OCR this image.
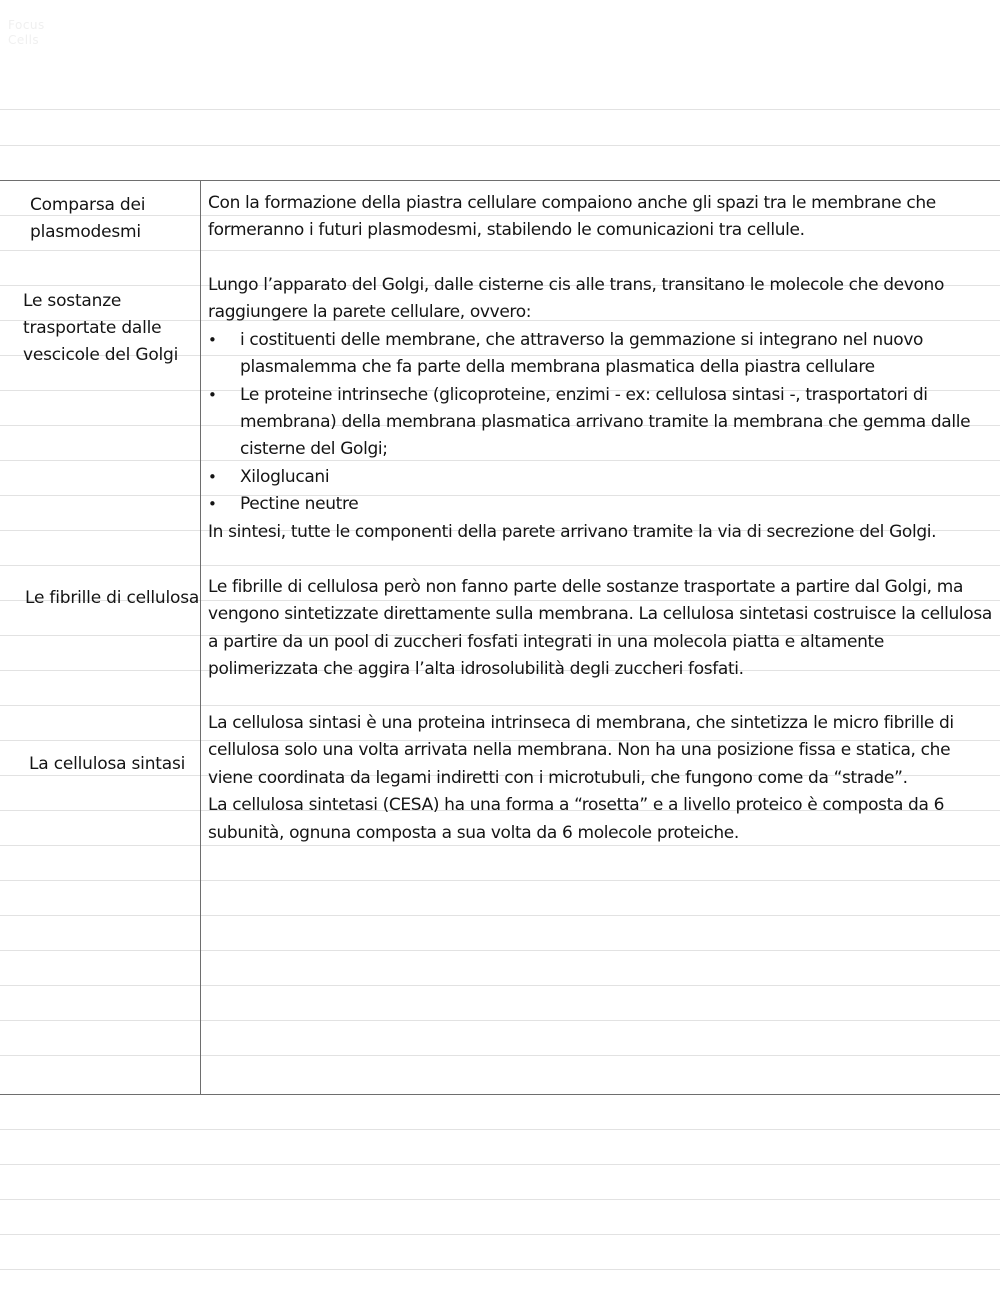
Focus
Cells
Comparsa dei
plasmodesmi

Con la formazione della piastra cellulare compaiono anche gli spazi tra le membrane che formeranno i futuri plasmodesmi, stabilendo le comunicazioni tra cellule.

Le sostanze
trasportate dalle
vescicole del Golgi

Lungo l’apparato del Golgi, dalle cisterne cis alle trans, transitano le molecole che devono raggiungere la parete cellulare, ovvero:

• i costituenti delle membrane, che attraverso la gemmazione si integrano nel nuovo plasmalemma che fa parte della membrana plasmatica della piastra cellulare
• Le proteine intrinseche (glicoproteine, enzimi - ex: cellulosa sintasi -, trasportatori di membrana) della membrana plasmatica arrivano tramite la membrana che gemma dalle cisterne del Golgi;
• Xiloglucani
• Pectine neutre

In sintesi, tutte le componenti della parete arrivano tramite la via di secrezione del Golgi.

Le fibrille di cellulosa

Le fibrille di cellulosa però non fanno parte delle sostanze trasportate a partire dal Golgi, ma vengono sintetizzate direttamente sulla membrana. La cellulosa sintetasi costruisce la cellulosa a partire da un pool di zuccheri fosfati integrati in una molecola piatta e altamente polimerizzata che aggira l’alta idrosolubilità degli zuccheri fosfati.

La cellulosa sintasi

La cellulosa sintasi è una proteina intrinseca di membrana, che sintetizza le micro fibrille di cellulosa solo una volta arrivata nella membrana. Non ha una posizione fissa e statica, che viene coordinata da legami indiretti con i microtubuli, che fungono come da “strade”.

La cellulosa sintetasi (CESA) ha una forma a “rosetta” e a livello proteico è composta da 6 subunità, ognuna composta a sua volta da 6 molecole proteiche.
